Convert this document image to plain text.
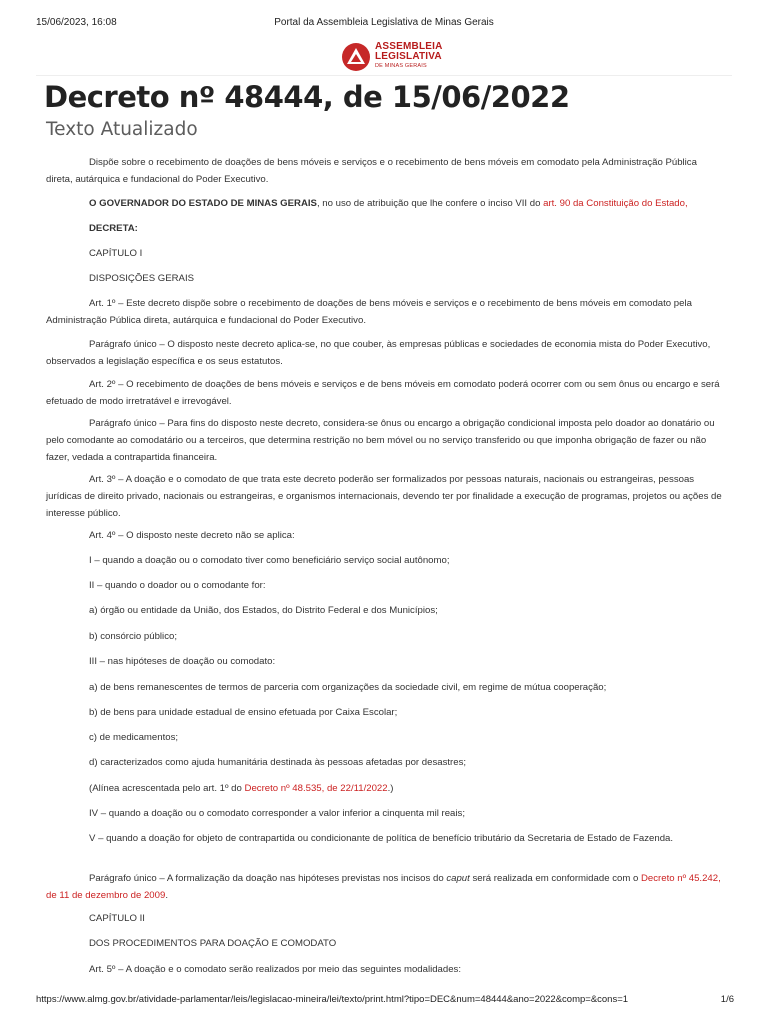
15/06/2023, 16:08	Portal da Assembleia Legislativa de Minas Gerais
ASSEMBLEIA
LEGISLATIVA
DE MINAS GERAIS
Decreto nº 48444, de 15/06/2022
Texto Atualizado

Dispõe sobre o recebimento de doações de bens móveis e serviços e o recebimento de bens móveis em comodato pela Administração Pública direta, autárquica e fundacional do Poder Executivo.

O GOVERNADOR DO ESTADO DE MINAS GERAIS, no uso de atribuição que lhe confere o inciso VII do art. 90 da Constituição do Estado,

DECRETA:

CAPÍTULO I

DISPOSIÇÕES GERAIS

Art. 1º – Este decreto dispõe sobre o recebimento de doações de bens móveis e serviços e o recebimento de bens móveis em comodato pela Administração Pública direta, autárquica e fundacional do Poder Executivo.

Parágrafo único – O disposto neste decreto aplica-se, no que couber, às empresas públicas e sociedades de economia mista do Poder Executivo, observados a legislação específica e os seus estatutos.

Art. 2º – O recebimento de doações de bens móveis e serviços e de bens móveis em comodato poderá ocorrer com ou sem ônus ou encargo e será efetuado de modo irretratável e irrevogável.

Parágrafo único – Para fins do disposto neste decreto, considera-se ônus ou encargo a obrigação condicional imposta pelo doador ao donatário ou pelo comodante ao comodatário ou a terceiros, que determina restrição no bem móvel ou no serviço transferido ou que imponha obrigação de fazer ou não fazer, vedada a contrapartida financeira.

Art. 3º – A doação e o comodato de que trata este decreto poderão ser formalizados por pessoas naturais, nacionais ou estrangeiras, pessoas jurídicas de direito privado, nacionais ou estrangeiras, e organismos internacionais, devendo ter por finalidade a execução de programas, projetos ou ações de interesse público.

Art. 4º – O disposto neste decreto não se aplica:

I – quando a doação ou o comodato tiver como beneficiário serviço social autônomo;

II – quando o doador ou o comodante for:

a) órgão ou entidade da União, dos Estados, do Distrito Federal e dos Municípios;

b) consórcio público;

III – nas hipóteses de doação ou comodato:

a) de bens remanescentes de termos de parceria com organizações da sociedade civil, em regime de mútua cooperação;

b) de bens para unidade estadual de ensino efetuada por Caixa Escolar;

c) de medicamentos;

d) caracterizados como ajuda humanitária destinada às pessoas afetadas por desastres;

(Alínea acrescentada pelo art. 1º do Decreto nº 48.535, de 22/11/2022.)

IV – quando a doação ou o comodato corresponder a valor inferior a cinquenta mil reais;

V – quando a doação for objeto de contrapartida ou condicionante de política de benefício tributário da Secretaria de Estado de Fazenda.

Parágrafo único – A formalização da doação nas hipóteses previstas nos incisos do caput será realizada em conformidade com o Decreto nº 45.242, de 11 de dezembro de 2009.

CAPÍTULO II

DOS PROCEDIMENTOS PARA DOAÇÃO E COMODATO

Art. 5º – A doação e o comodato serão realizados por meio das seguintes modalidades:

https://www.almg.gov.br/atividade-parlamentar/leis/legislacao-mineira/lei/texto/print.html?tipo=DEC&num=48444&ano=2022&comp=&cons=1	1/6
